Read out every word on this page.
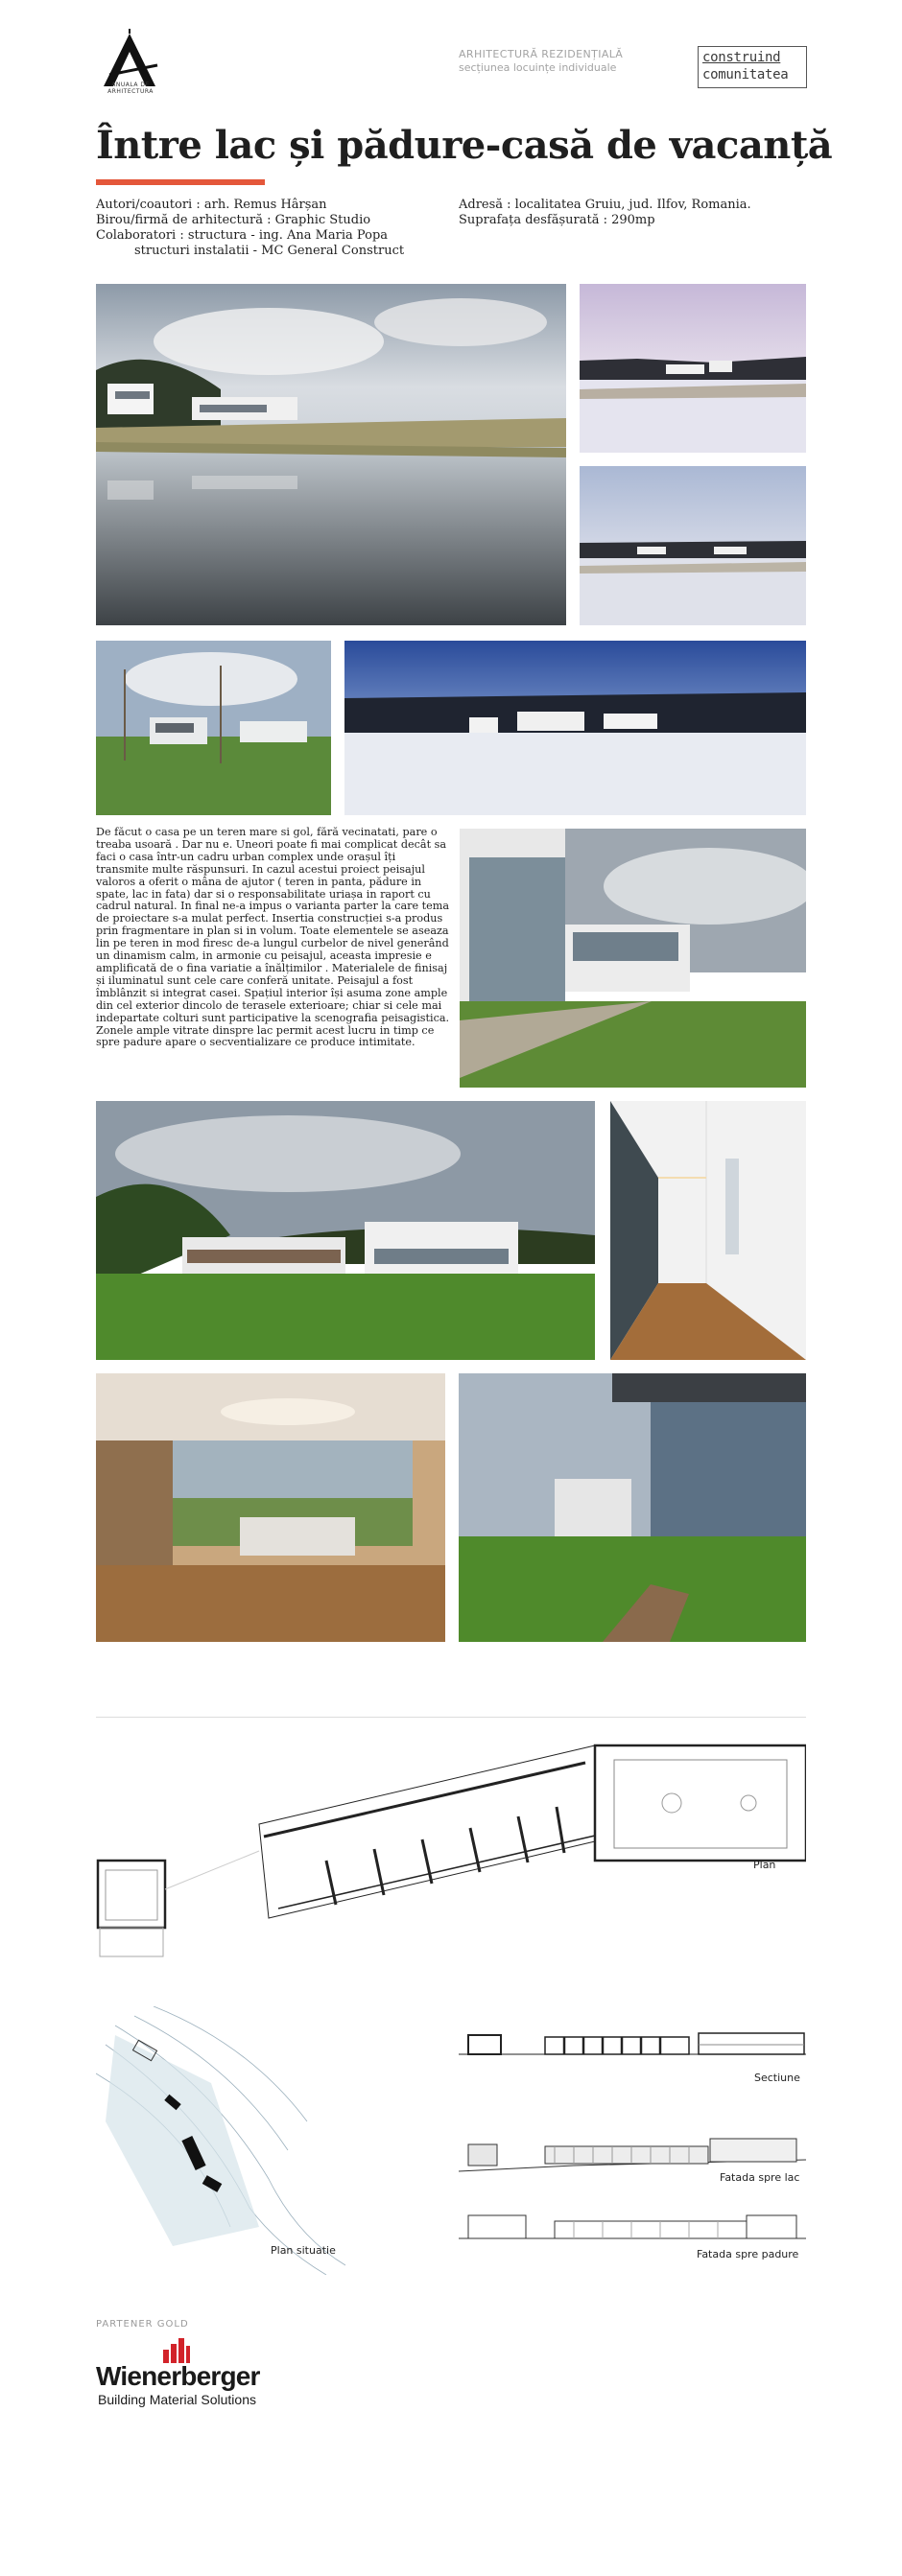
ANUALA DE ARHITECTURA
ARHITECTURĂ REZIDENȚIALĂ
secțiunea locuințe individuale
construind
comunitatea
Între lac și pădure-casă de vacanță
Autori/coautori : arh. Remus Hârșan
Birou/firmă de arhitectură : Graphic Studio
Colaboratori : structura - ing. Ana Maria Popa
structuri instalatii - MC General Construct
Adresă : localitatea Gruiu, jud. Ilfov, Romania.
Suprafața desfășurată : 290mp

De făcut o casa pe un teren mare si gol, fără vecinatati, pare o treaba usoară . Dar nu e. Uneori poate fi mai complicat decât sa faci o casa într-un cadru urban complex unde orașul îți transmite multe răspunsuri. In cazul acestui proiect peisajul valoros a oferit o mâna de ajutor ( teren in panta, pădure in spate, lac in fata) dar si o responsabilitate uriașa in raport cu cadrul natural. In final ne-a impus o varianta parter la care tema de proiectare s-a mulat perfect. Insertia construcției s-a produs prin fragmentare in plan si in volum. Toate elementele se aseaza lin pe teren in mod firesc de-a lungul curbelor de nivel generând un dinamism calm, in armonie cu peisajul, aceasta impresie e amplificată de o fina variatie a înălțimilor . Materialele de finisaj și iluminatul sunt cele care conferă unitate. Peisajul a fost îmblânzit si integrat casei. Spațiul interior își asuma zone ample din cel exterior dincolo de terasele exterioare; chiar si cele mai indepartate colturi sunt participative la scenografia peisagistica. Zonele ample vitrate dinspre lac permit acest lucru in timp ce spre padure apare o secventializare ce produce intimitate.

Plan
Plan situatie
Sectiune
Fatada spre lac
Fatada spre padure
PARTENER GOLD
Wienerberger
Building Material Solutions
